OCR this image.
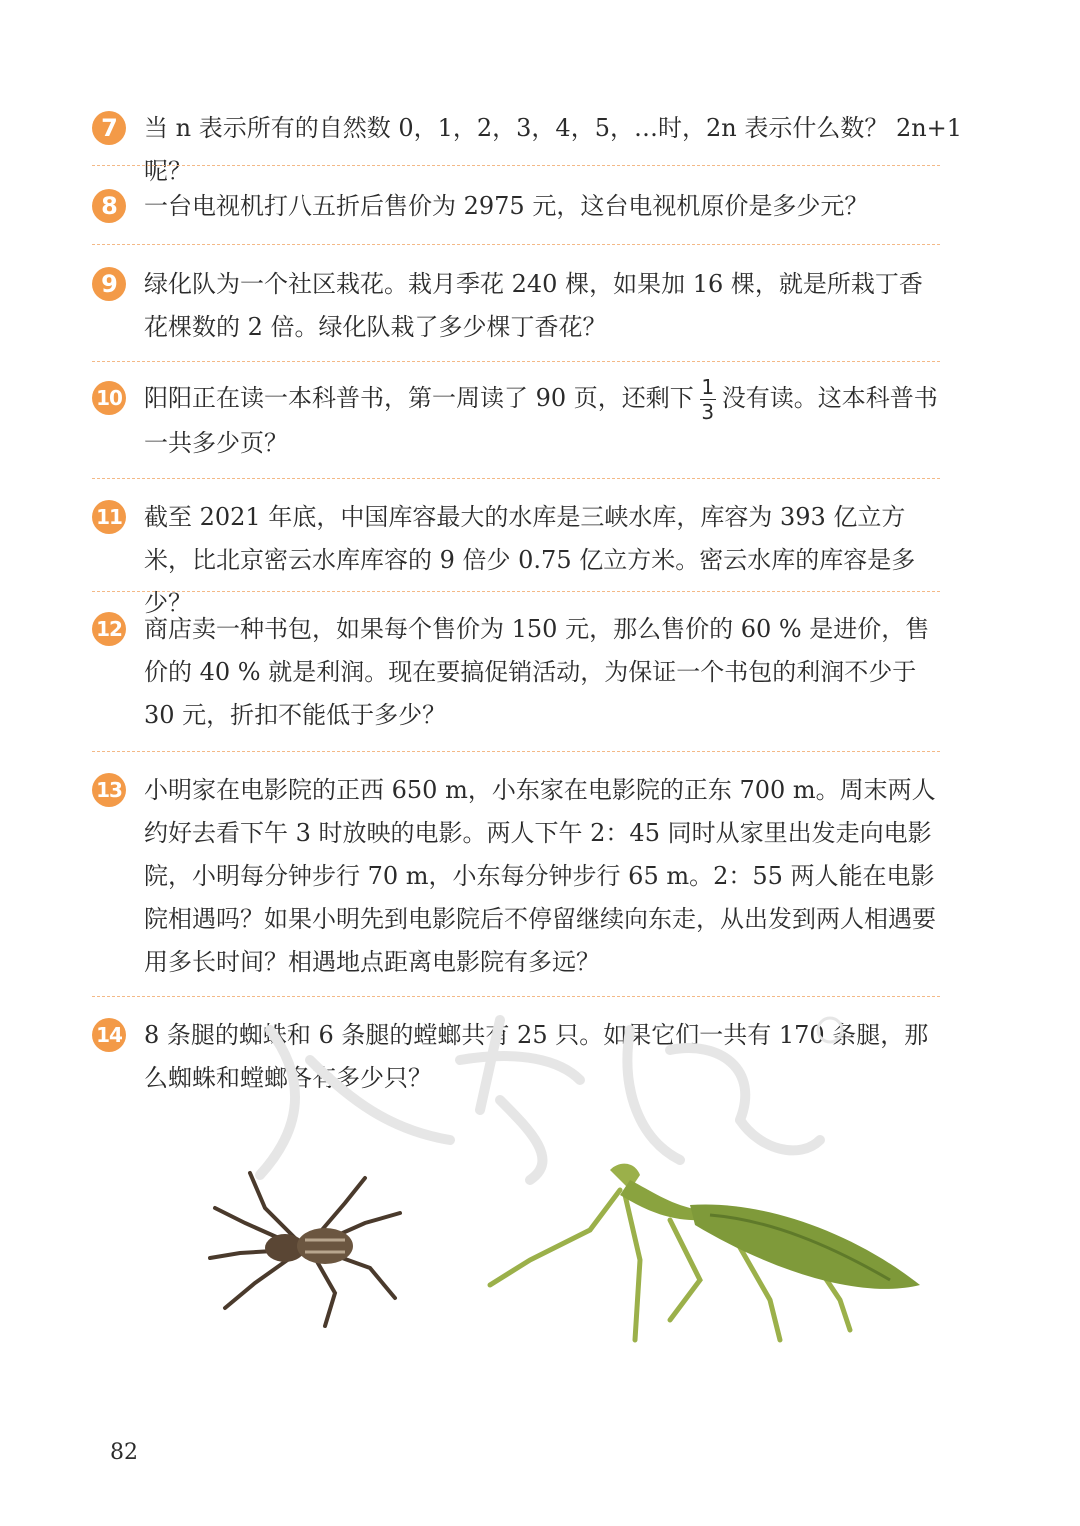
7	当 n 表示所有的自然数 0，1，2，3，4，5，…时，2n 表示什么数？ 2n+1 呢？
8	一台电视机打八五折后售价为 2975 元，这台电视机原价是多少元？
9	绿化队为一个社区栽花。栽月季花 240 棵，如果加 16 棵，就是所栽丁香花棵数的 2 倍。绿化队栽了多少棵丁香花？
10 阳阳正在读一本科普书，第一周读了 90 页，还剩下 $\frac{1}{3}$ 没有读。这本科普书一共多少页？
11 截至 2021 年底，中国库容最大的水库是三峡水库，库容为 393 亿立方米，比北京密云水库库容的 9 倍少 0.75 亿立方米。密云水库的库容是多少？
12 商店卖一种书包，如果每个售价为 150 元，那么售价的 60 % 是进价，售价的 40 % 就是利润。现在要搞促销活动，为保证一个书包的利润不少于 30 元，折扣不能低于多少？
13 小明家在电影院的正西 650 m，小东家在电影院的正东 700 m。周末两人约好去看下午 3 时放映的电影。两人下午 2：45 同时从家里出发走向电影院，小明每分钟步行 70 m，小东每分钟步行 65 m。2：55 两人能在电影院相遇吗？如果小明先到电影院后不停留继续向东走，从出发到两人相遇要用多长时间？相遇地点距离电影院有多远？
14 8 条腿的蜘蛛和 6 条腿的螳螂共有 25 只。如果它们一共有 170 条腿，那么蜘蛛和螳螂各有多少只？
82
